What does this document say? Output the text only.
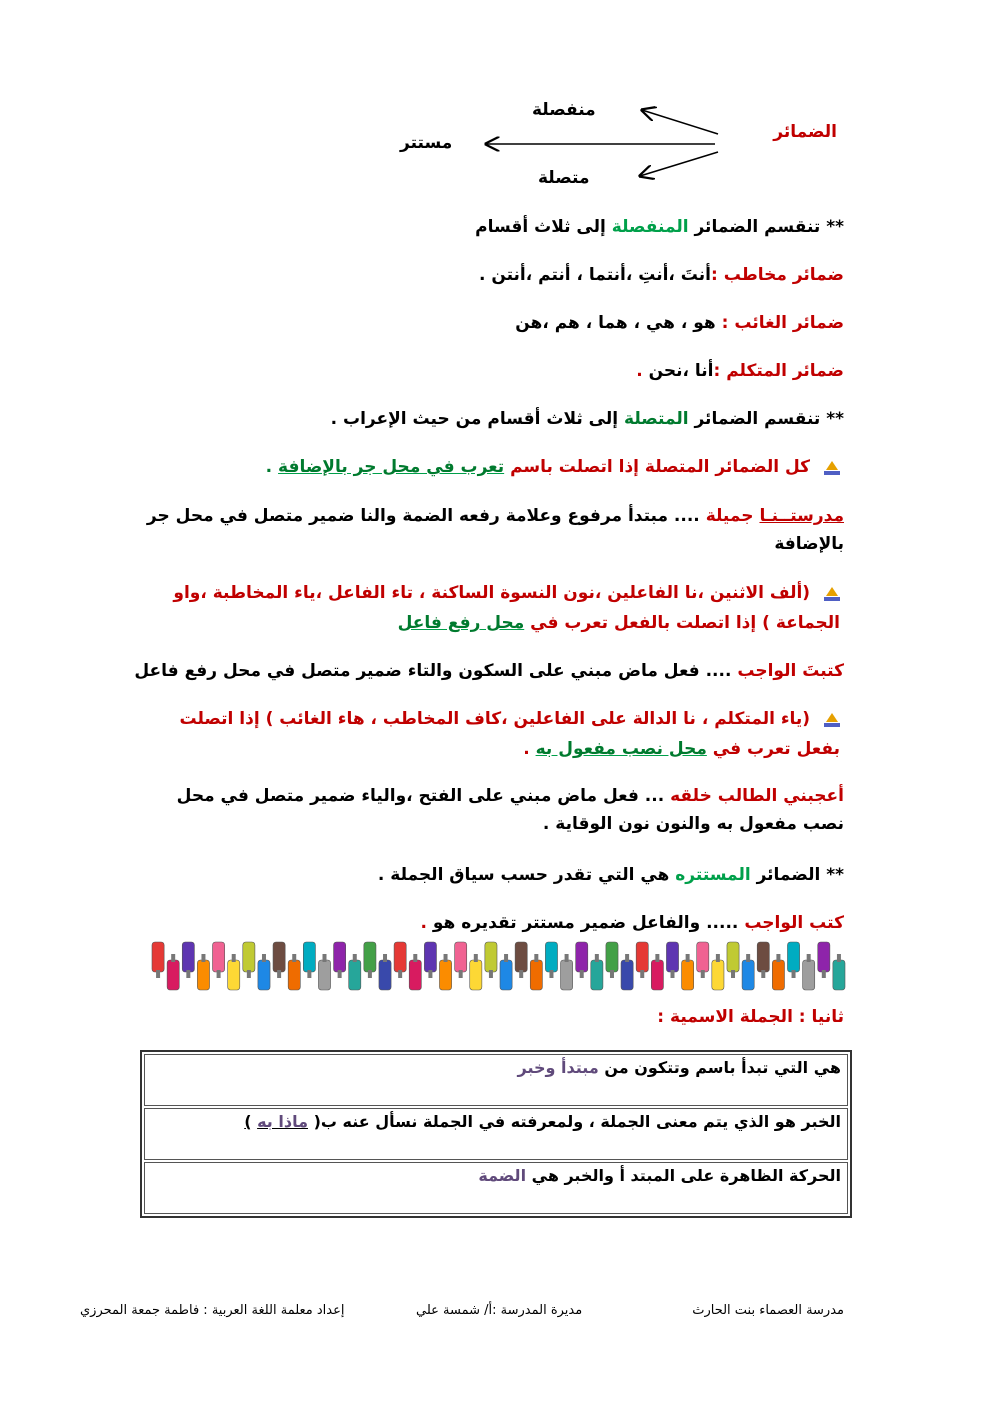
الضمائر
منفصلة
مستتر
متصلة
** تنقسم الضمائر المنفصلة إلى ثلاث أقسام
ضمائر مخاطب :أنتَ ،أنتِ ،أنتما ، أنتم ،أنتن .
ضمائر الغائب : هو ، هي ، هما ، هم ،هن
ضمائر المتكلم :أنا ،نحن .
** تنقسم الضمائر المتصلة إلى ثلاث أقسام من حيث الإعراب .
كل الضمائر المتصلة إذا اتصلت باسم تعرب في محل جر بالإضافة .
مدرستــنـا جميلة .... مبتدأ مرفوع وعلامة رفعه الضمة والنا ضمير متصل في محل جر بالإضافة
(ألف الاثنين ،نا الفاعلين ،نون النسوة الساكنة ، تاء الفاعل ،ياء المخاطبة ،واو الجماعة ) إذا اتصلت بالفعل تعرب في محل رفع فاعل
كتبتَ الواجب .... فعل ماض مبني على السكون والتاء ضمير متصل في محل رفع فاعل
(ياء المتكلم ، نا الدالة على الفاعلين ،كاف المخاطب ، هاء الغائب ) إذا اتصلت بفعل تعرب في محل نصب مفعول به .
أعجبني الطالب خلقه ... فعل ماض مبني على الفتح ،والياء ضمير متصل في محل نصب مفعول به والنون نون الوقاية .
** الضمائر المستتره هي التي تقدر حسب سياق الجملة .
كتب الواجب ..... والفاعل ضمير مستتر تقديره هو .
ثانيا : الجملة الاسمية :
هي التي تبدأ باسم وتتكون من مبتدأ وخبر
الخبر هو الذي يتم معنى الجملة ، ولمعرفته في الجملة نسأل عنه ب( ماذا به )
الحركة الظاهرة على المبتد أ والخبر هي الضمة
مدرسة العصماء بنت الحارث
مديرة المدرسة :أ/ شمسة علي
إعداد معلمة اللغة العربية : فاطمة جمعة المحرزي
